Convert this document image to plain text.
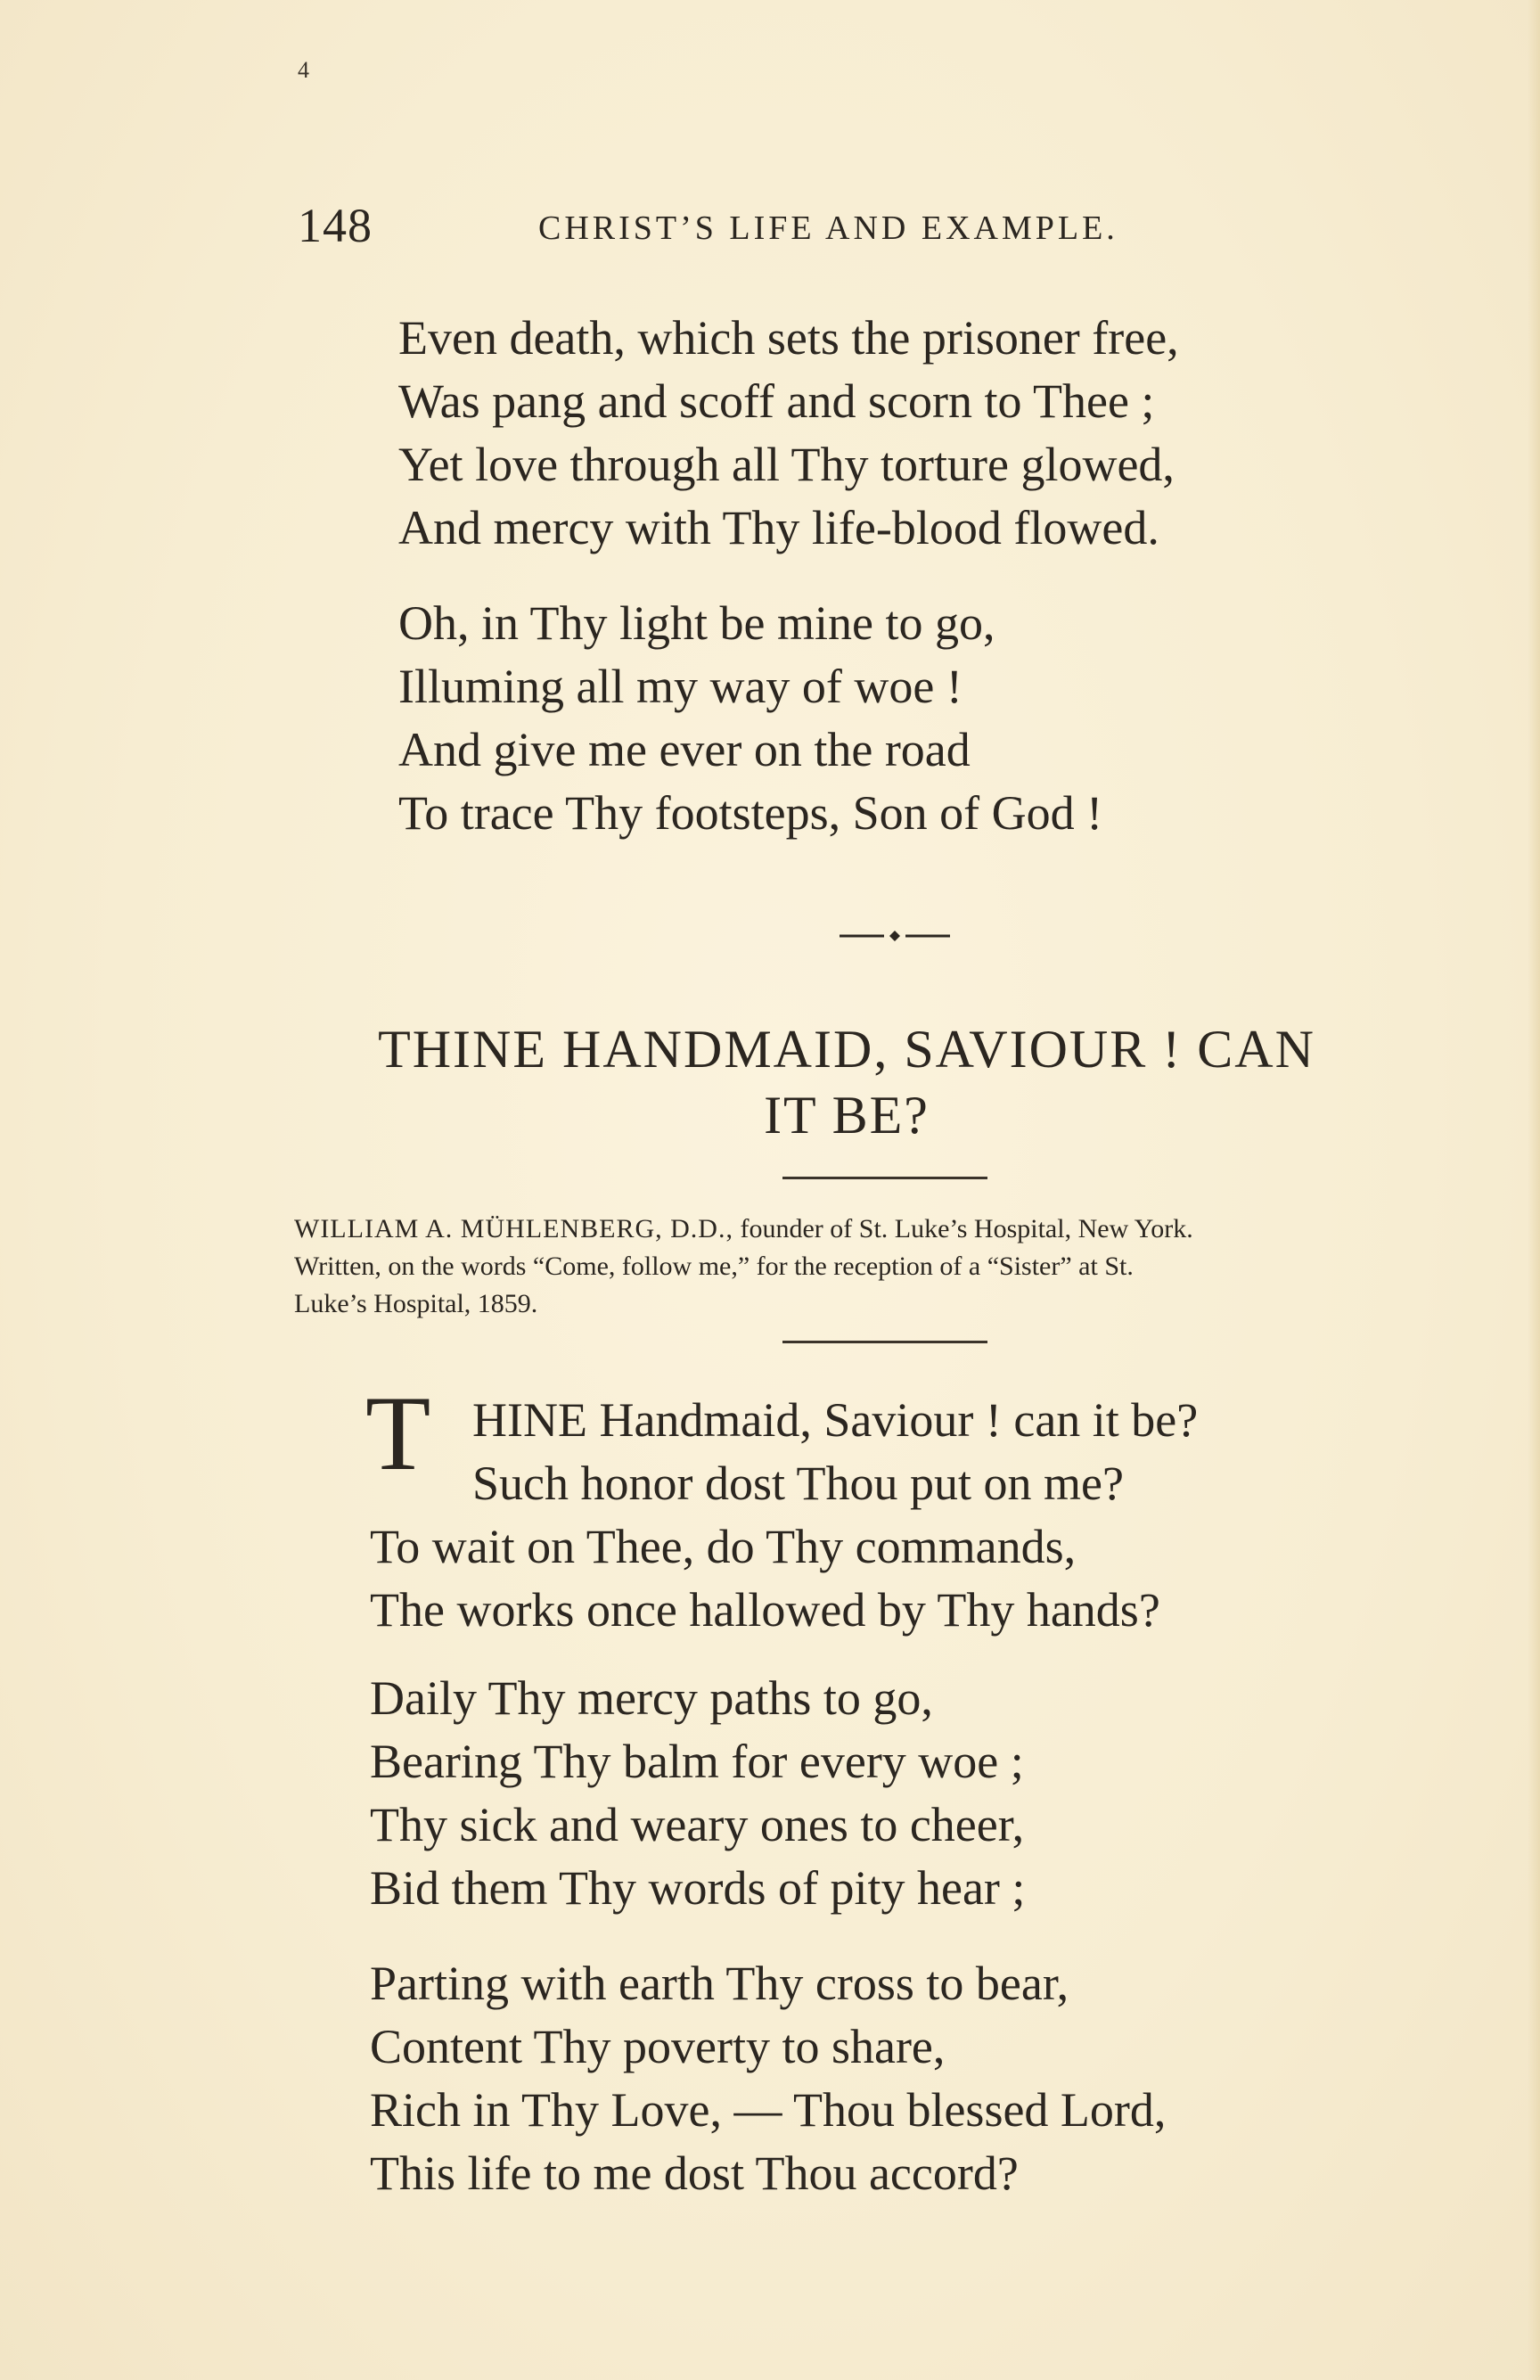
4
148	CHRIST’S LIFE AND EXAMPLE.
Even death, which sets the prisoner free,
Was pang and scoff and scorn to Thee ;
Yet love through all Thy torture glowed,
And mercy with Thy life-blood flowed.
Oh, in Thy light be mine to go,
Illuming all my way of woe !
And give me ever on the road
To trace Thy footsteps, Son of God !
THINE HANDMAID, SAVIOUR ! CAN
IT BE?

WILLIAM A. MÜHLENBERG, D.D., founder of St. Luke’s Hospital, New York.

Written, on the words “Come, follow me,” for the reception of a “Sister” at St.

Luke’s Hospital, 1859.

T HINE Handmaid, Saviour ! can it be?
Such honor dost Thou put on me?
To wait on Thee, do Thy commands,
The works once hallowed by Thy hands?
Daily Thy mercy paths to go,
Bearing Thy balm for every woe ;
Thy sick and weary ones to cheer,
Bid them Thy words of pity hear ;
Parting with earth Thy cross to bear,
Content Thy poverty to share,
Rich in Thy Love, — Thou blessed Lord,
This life to me dost Thou accord?
